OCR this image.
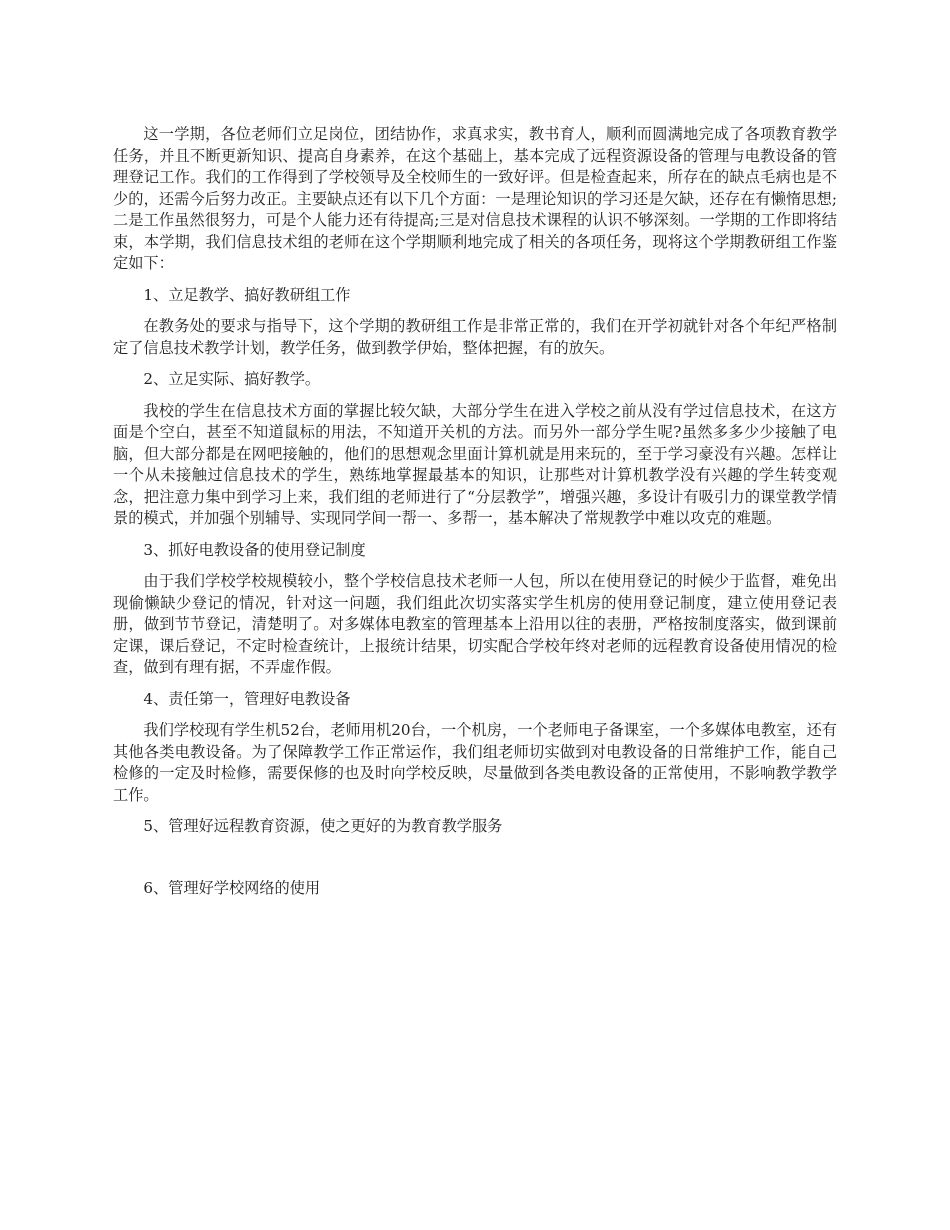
这一学期，各位老师们立足岗位，团结协作，求真求实，教书育人，顺利而圆满地完成了各项教育教学任务，并且不断更新知识、提高自身素养，在这个基础上，基本完成了远程资源设备的管理与电教设备的管理登记工作。我们的工作得到了学校领导及全校师生的一致好评。但是检查起来，所存在的缺点毛病也是不少的，还需今后努力改正。主要缺点还有以下几个方面：一是理论知识的学习还是欠缺，还存在有懒惰思想;二是工作虽然很努力，可是个人能力还有待提高;三是对信息技术课程的认识不够深刻。一学期的工作即将结束，本学期，我们信息技术组的老师在这个学期顺利地完成了相关的各项任务，现将这个学期教研组工作鉴定如下：

1、立足教学、搞好教研组工作

在教务处的要求与指导下，这个学期的教研组工作是非常正常的，我们在开学初就针对各个年纪严格制定了信息技术教学计划，教学任务，做到教学伊始，整体把握，有的放矢。

2、立足实际、搞好教学。

我校的学生在信息技术方面的掌握比较欠缺，大部分学生在进入学校之前从没有学过信息技术，在这方面是个空白，甚至不知道鼠标的用法，不知道开关机的方法。而另外一部分学生呢?虽然多多少少接触了电脑，但大部分都是在网吧接触的，他们的思想观念里面计算机就是用来玩的，至于学习豪没有兴趣。怎样让一个从未接触过信息技术的学生，熟练地掌握最基本的知识，让那些对计算机教学没有兴趣的学生转变观念，把注意力集中到学习上来，我们组的老师进行了“分层教学”，增强兴趣，多设计有吸引力的课堂教学情景的模式，并加强个别辅导、实现同学间一帮一、多帮一，基本解决了常规教学中难以攻克的难题。

3、抓好电教设备的使用登记制度

由于我们学校学校规模较小，整个学校信息技术老师一人包，所以在使用登记的时候少于监督，难免出现偷懒缺少登记的情况，针对这一问题，我们组此次切实落实学生机房的使用登记制度，建立使用登记表册，做到节节登记，清楚明了。对多媒体电教室的管理基本上沿用以往的表册，严格按制度落实，做到课前定课，课后登记，不定时检查统计，上报统计结果，切实配合学校年终对老师的远程教育设备使用情况的检查，做到有理有据，不弄虚作假。

4、责任第一，管理好电教设备

我们学校现有学生机52台，老师用机20台，一个机房，一个老师电子备课室，一个多媒体电教室，还有其他各类电教设备。为了保障教学工作正常运作，我们组老师切实做到对电教设备的日常维护工作，能自己检修的一定及时检修，需要保修的也及时向学校反映，尽量做到各类电教设备的正常使用，不影响教学教学工作。

5、管理好远程教育资源，使之更好的为教育教学服务

6、管理好学校网络的使用
